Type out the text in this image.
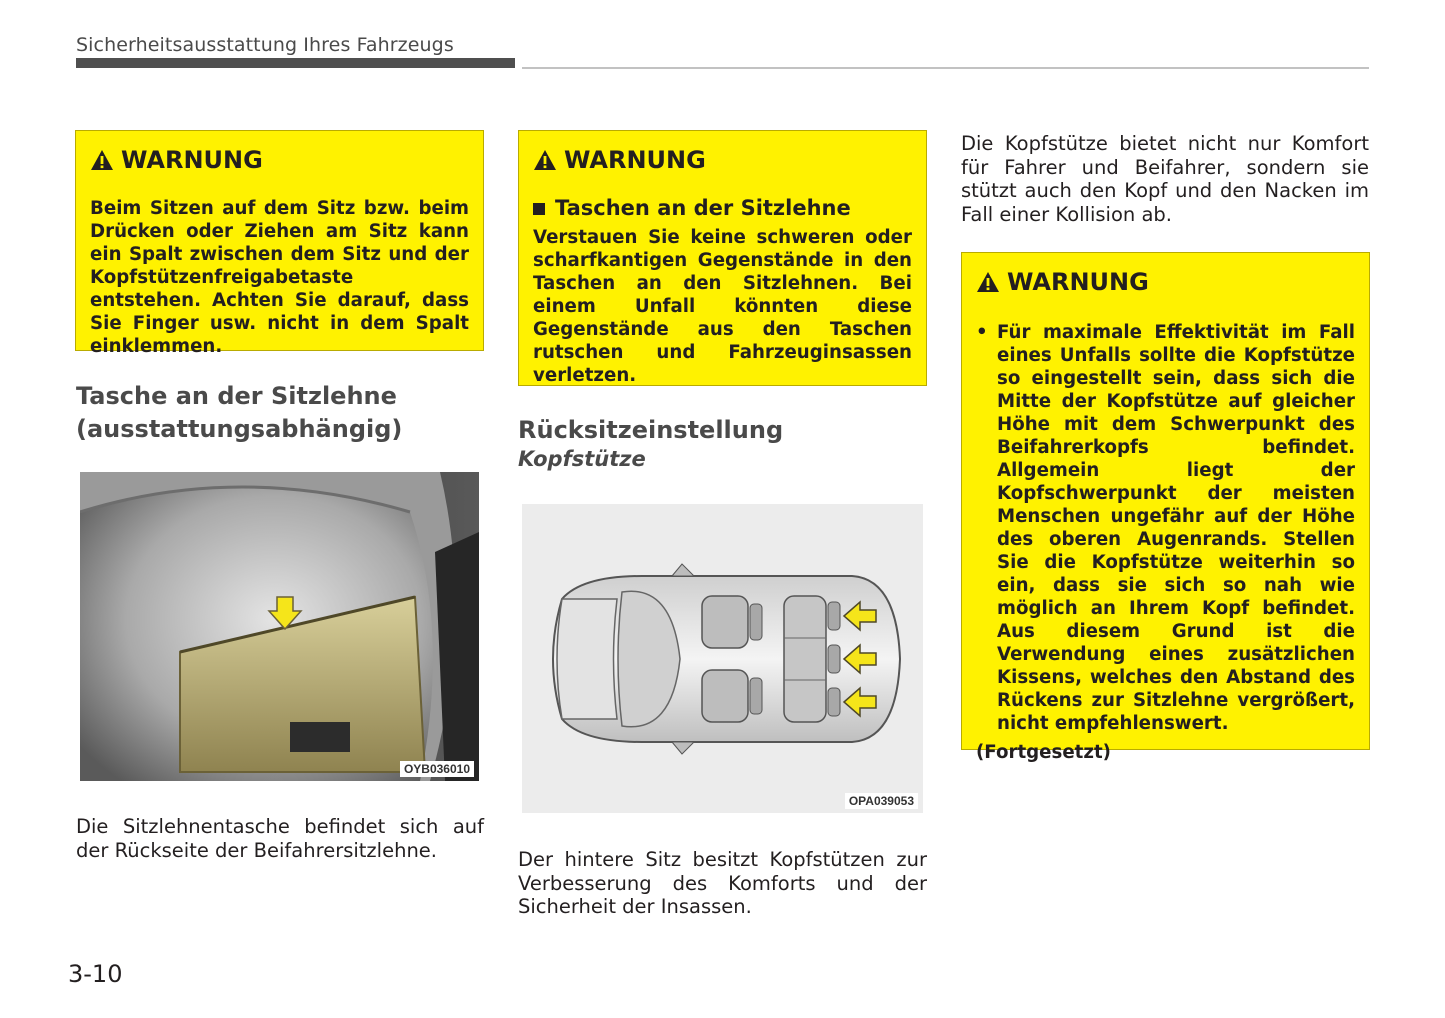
Sicherheitsausstattung Ihres Fahrzeugs
WARNUNG
Beim Sitzen auf dem Sitz bzw. beim Drücken oder Ziehen am Sitz kann ein Spalt zwischen dem Sitz und der Kopfstützenfreigabetaste entstehen. Achten Sie darauf, dass Sie Finger usw. nicht in dem Spalt einklemmen.
Tasche an der Sitzlehne
(ausstattungsabhängig)
OYB036010
Die Sitzlehnentasche befindet sich auf der Rückseite der Beifahrersitzlehne.
WARNUNG
Taschen an der Sitzlehne
Verstauen Sie keine schweren oder scharfkantigen Gegenstände in den Taschen an den Sitzlehnen. Bei einem Unfall könnten diese Gegenstände aus den Taschen rutschen und Fahrzeuginsassen verletzen.
Rücksitzeinstellung
Kopfstütze
OPA039053
Der hintere Sitz besitzt Kopfstützen zur Verbesserung des Komforts und der Sicherheit der Insassen.
Die Kopfstütze bietet nicht nur Komfort für Fahrer und Beifahrer, sondern sie stützt auch den Kopf und den Nacken im Fall einer Kollision ab.
WARNUNG
• Für maximale Effektivität im Fall eines Unfalls sollte die Kopfstütze so eingestellt sein, dass sich die Mitte der Kopfstütze auf gleicher Höhe mit dem Schwerpunkt des Beifahrerkopfs befindet. Allgemein liegt der Kopfschwerpunkt der meisten Menschen ungefähr auf der Höhe des oberen Augenrands. Stellen Sie die Kopfstütze weiterhin so ein, dass sie sich so nah wie möglich an Ihrem Kopf befindet. Aus diesem Grund ist die Verwendung eines zusätzlichen Kissens, welches den Abstand des Rückens zur Sitzlehne vergrößert, nicht empfehlenswert.
(Fortgesetzt)
3-10
